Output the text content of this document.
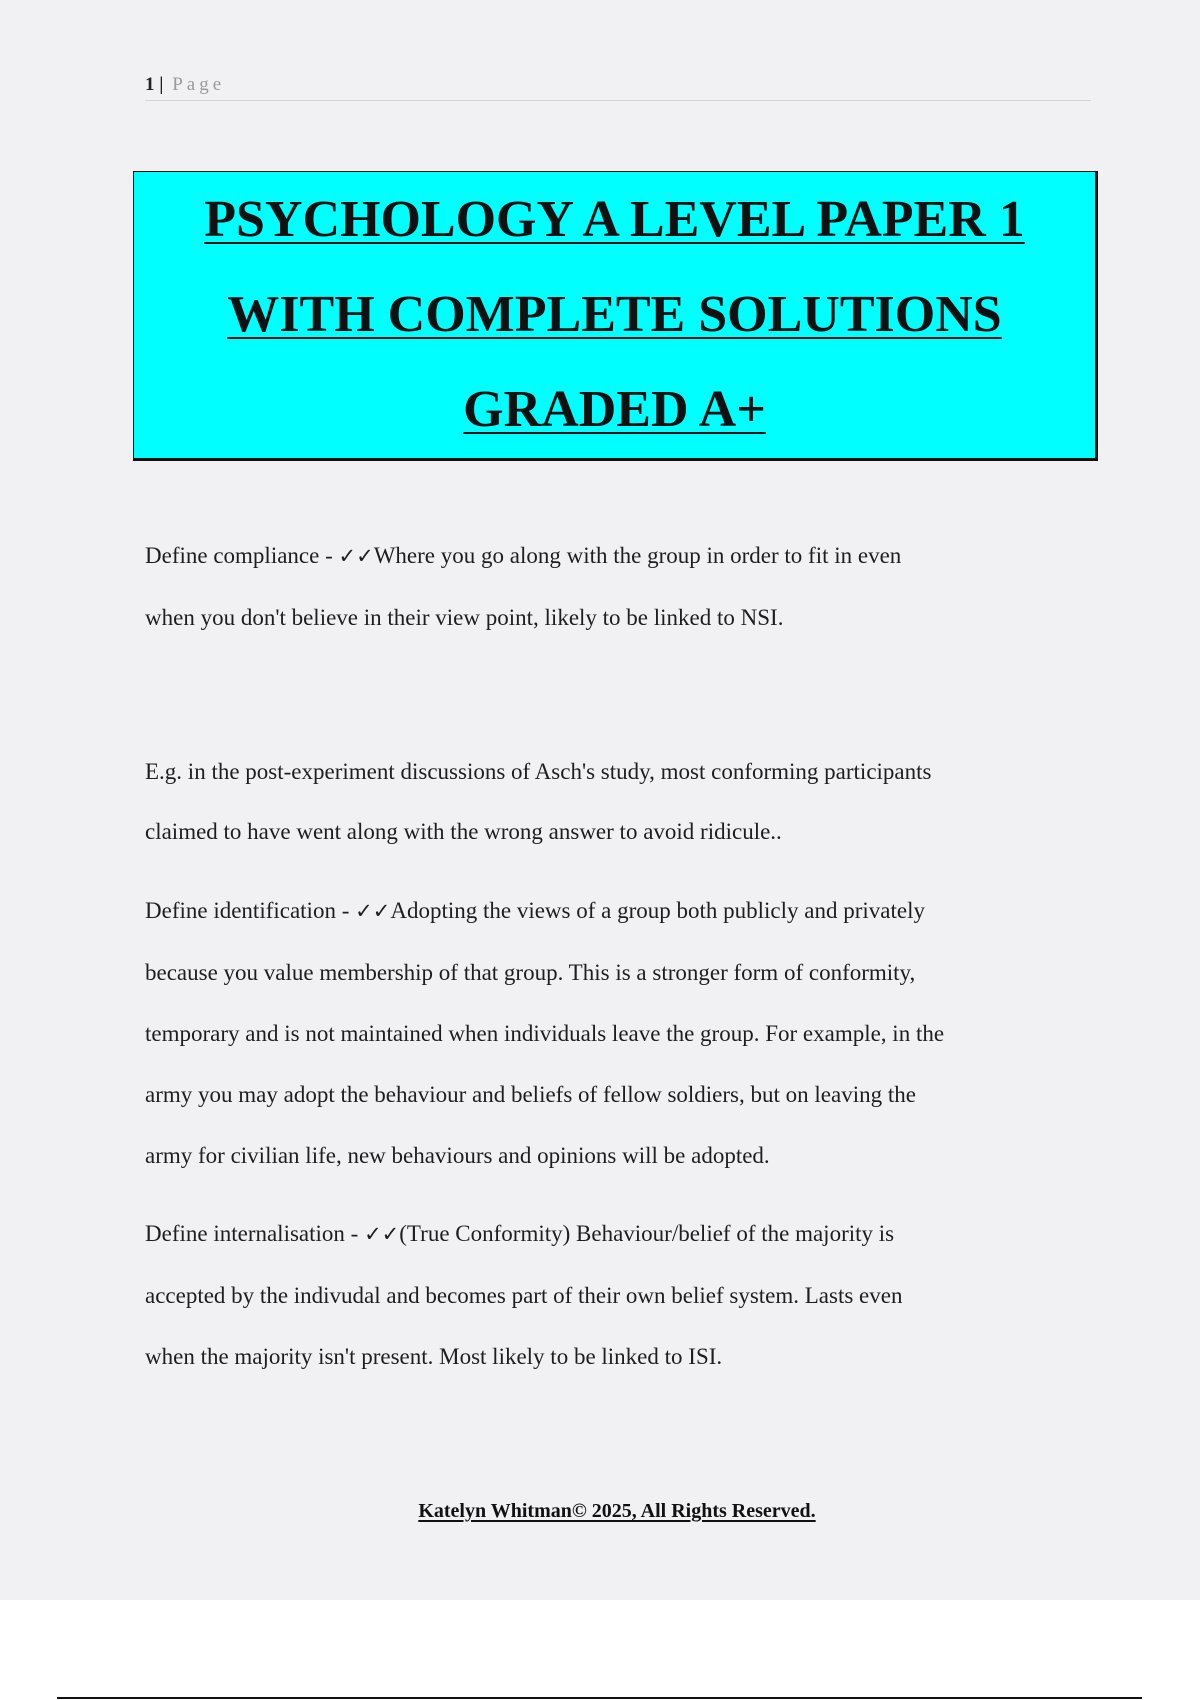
1 | Page
PSYCHOLOGY A LEVEL PAPER 1
WITH COMPLETE SOLUTIONS
GRADED A+

Define compliance - ✓✓Where you go along with the group in order to fit in even

when you don't believe in their view point, likely to be linked to NSI.

E.g. in the post-experiment discussions of Asch's study, most conforming participants

claimed to have went along with the wrong answer to avoid ridicule..

Define identification - ✓✓Adopting the views of a group both publicly and privately

because you value membership of that group. This is a stronger form of conformity,

temporary and is not maintained when individuals leave the group. For example, in the

army you may adopt the behaviour and beliefs of fellow soldiers, but on leaving the

army for civilian life, new behaviours and opinions will be adopted.

Define internalisation - ✓✓(True Conformity) Behaviour/belief of the majority is

accepted by the indivudal and becomes part of their own belief system. Lasts even

when the majority isn't present. Most likely to be linked to ISI.

Katelyn Whitman© 2025, All Rights Reserved.
